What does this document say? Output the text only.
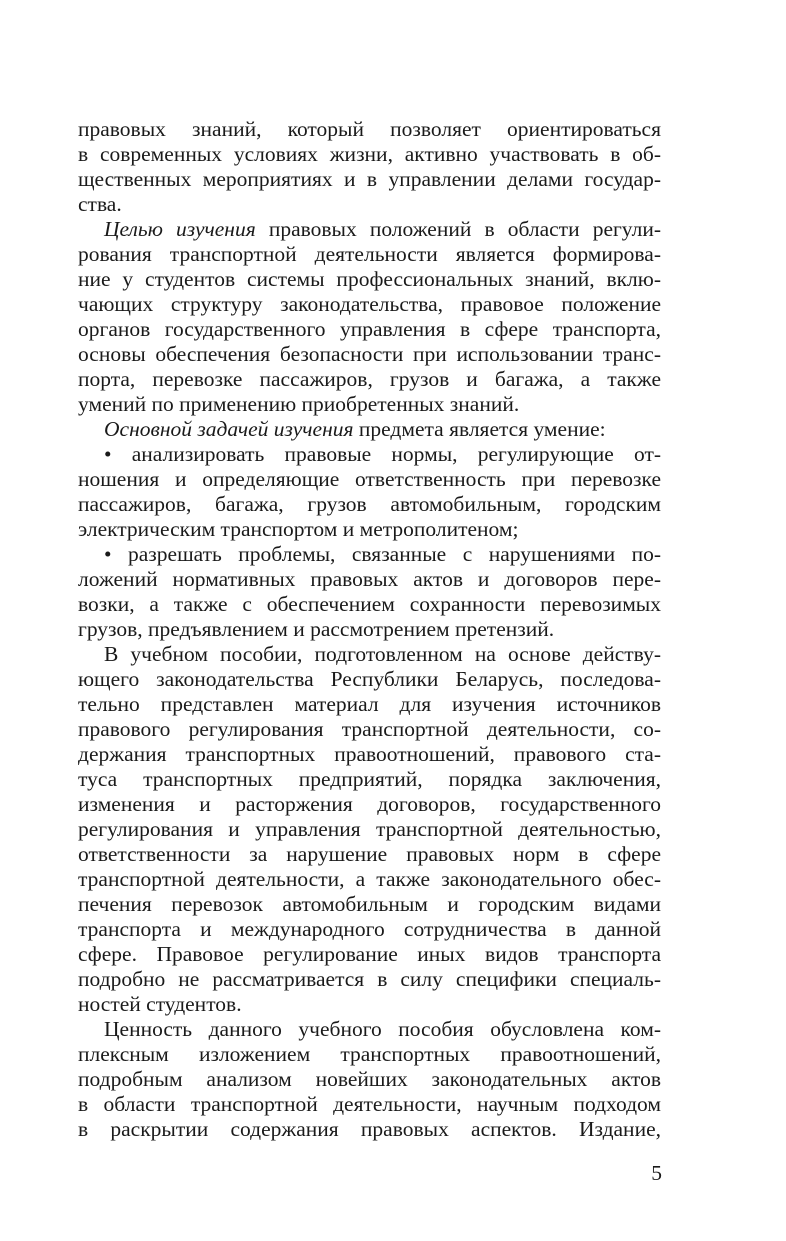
правовых знаний, который позволяет ориентироваться
в современных условиях жизни, активно участвовать в об-
щественных мероприятиях и в управлении делами государ-
ства.
Целью изучения правовых положений в области регули-
рования транспортной деятельности является формирова-
ние у студентов системы профессиональных знаний, вклю-
чающих структуру законодательства, правовое положение
органов государственного управления в сфере транспорта,
основы обеспечения безопасности при использовании транс-
порта, перевозке пассажиров, грузов и багажа, а также
умений по применению приобретенных знаний.
Основной задачей изучения предмета является умение:
• анализировать правовые нормы, регулирующие от-
ношения и определяющие ответственность при перевозке
пассажиров, багажа, грузов автомобильным, городским
электрическим транспортом и метрополитеном;
• разрешать проблемы, связанные с нарушениями по-
ложений нормативных правовых актов и договоров пере-
возки, а также с обеспечением сохранности перевозимых
грузов, предъявлением и рассмотрением претензий.
В учебном пособии, подготовленном на основе действу-
ющего законодательства Республики Беларусь, последова-
тельно представлен материал для изучения источников
правового регулирования транспортной деятельности, со-
держания транспортных правоотношений, правового ста-
туса транспортных предприятий, порядка заключения,
изменения и расторжения договоров, государственного
регулирования и управления транспортной деятельностью,
ответственности за нарушение правовых норм в сфере
транспортной деятельности, а также законодательного обес-
печения перевозок автомобильным и городским видами
транспорта и международного сотрудничества в данной
сфере. Правовое регулирование иных видов транспорта
подробно не рассматривается в силу специфики специаль-
ностей студентов.
Ценность данного учебного пособия обусловлена ком-
плексным изложением транспортных правоотношений,
подробным анализом новейших законодательных актов
в области транспортной деятельности, научным подходом
в раскрытии содержания правовых аспектов. Издание,
5
